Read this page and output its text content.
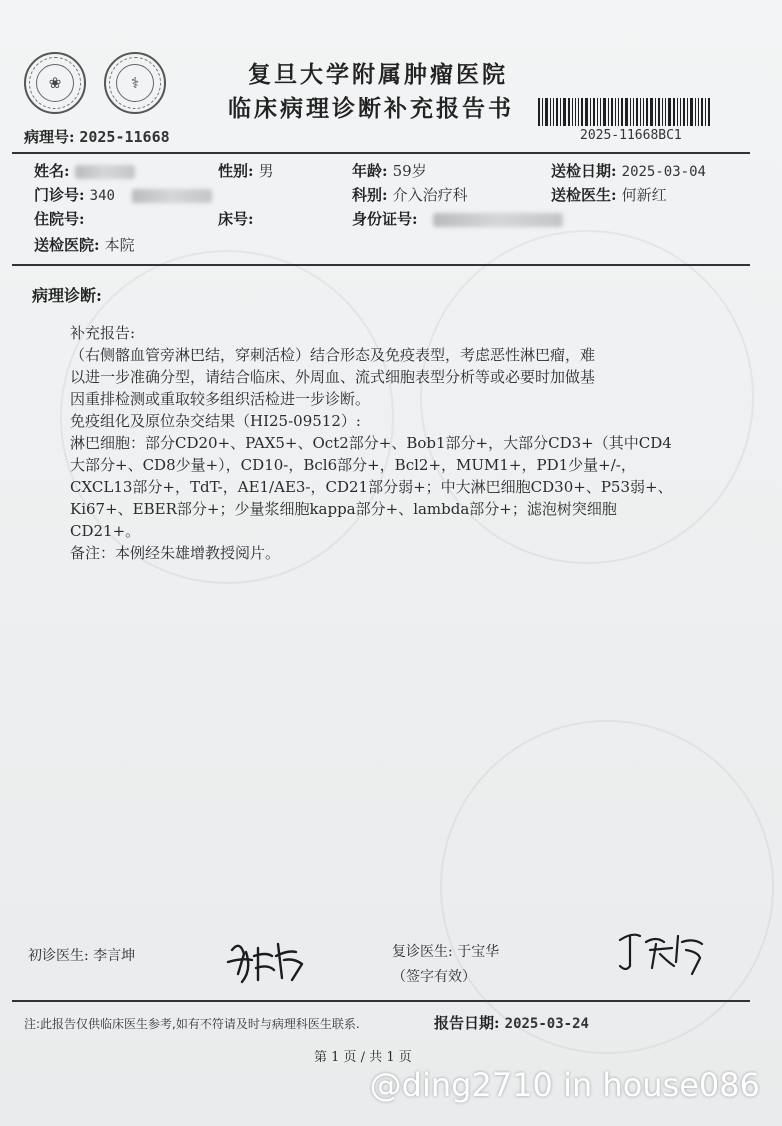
❀	⚕	复旦大学附属肿瘤医院
临床病理诊断补充报告书
病理号: 2025-11668	2025-11668BC1
姓名:	性别: 男	年龄: 59岁	送检日期: 2025-03-04
门诊号: 340	科别: 介入治疗科	送检医生: 何新红
住院号:	床号:	身份证号:
送检医院: 本院
病理诊断:
补充报告:
（右侧髂血管旁淋巴结，穿刺活检）结合形态及免疫表型，考虑恶性淋巴瘤，难
以进一步准确分型，请结合临床、外周血、流式细胞表型分析等或必要时加做基
因重排检测或重取较多组织活检进一步诊断。
免疫组化及原位杂交结果（HI25-09512）:
淋巴细胞：部分CD20+、PAX5+、Oct2部分+、Bob1部分+，大部分CD3+（其中CD4
大部分+、CD8少量+），CD10-，Bcl6部分+，Bcl2+，MUM1+，PD1少量+/-，
CXCL13部分+，TdT-，AE1/AE3-，CD21部分弱+；中大淋巴细胞CD30+、P53弱+、
Ki67+、EBER部分+；少量浆细胞kappa部分+、lambda部分+；滤泡树突细胞
CD21+。
备注：本例经朱雄增教授阅片。
初诊医生: 李言坤	复诊医生: 于宝华
（签字有效）
注:此报告仅供临床医生参考,如有不符请及时与病理科医生联系.	报告日期: 2025-03-24
第 1 页 / 共 1 页
@ding2710 in house086
